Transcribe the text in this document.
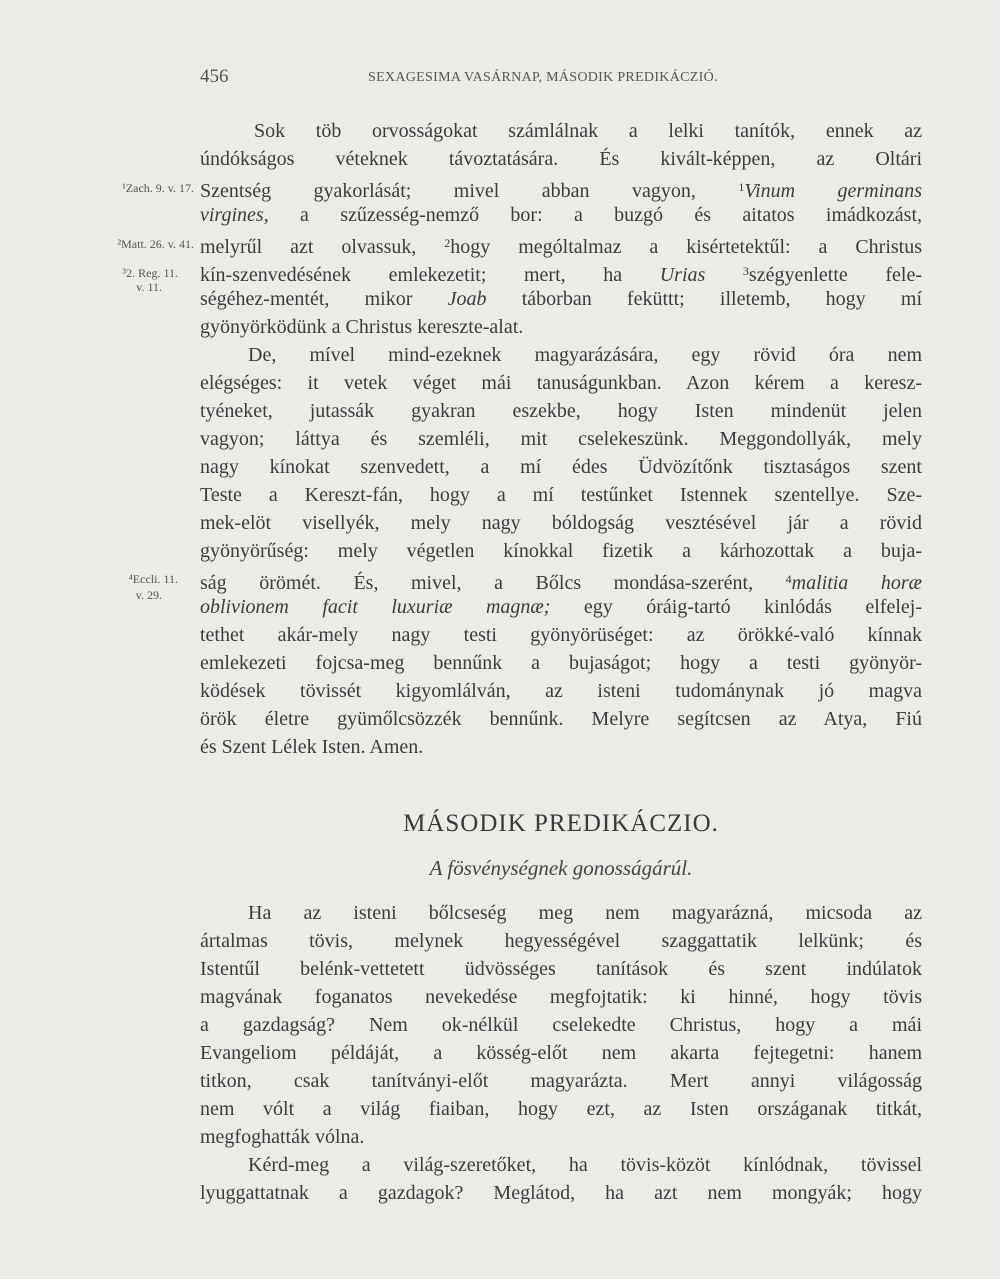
456	SEXAGESIMA VASÁRNAP, MÁSODIK PREDIKÁCZIÓ.
¹Zach. 9. v. 17.
²Matt. 26. v. 41.
³2. Reg. 11.
v. 11.
⁴Eccli. 11.
v. 29.
Sok töb orvosságokat számlálnak a lelki tanítók, ennek az
úndókságos véteknek távoztatására. És kivált-képpen, az Oltári
Szentség gyakorlását; mivel abban vagyon,	$^1$Vinum germinans
virgines, a szűzesség-nemző bor: a buzgó és aitatos imádkozást,
melyrűl azt olvassuk, $^2$hogy mególtalmaz a kisértetektűl: a Christus
kín-szenvedésének emlekezetit; mert, ha Urias	$^3$szégyenlette fele-
ségéhez-mentét, mikor Joab táborban feküttt; illetemb, hogy mí
gyönyörködünk a Christus kereszte-alat.
De, mível mind-ezeknek magyarázására, egy rövid óra nem
elégséges: it vetek véget mái tanuságunkban. Azon kérem a keresz-
tyéneket, jutassák gyakran eszekbe, hogy Isten mindenüt jelen
vagyon; láttya és szemléli, mit cselekeszünk. Meggondollyák, mely
nagy kínokat szenvedett, a mí édes Üdvözítőnk tisztaságos szent
Teste a Kereszt-fán, hogy a mí testűnket Istennek szentellye. Sze-
mek-elöt visellyék, mely nagy bóldogság vesztésével jár a rövid
gyönyörűség: mely végetlen kínokkal fizetik a kárhozottak a buja-
ság örömét. És, mivel, a Bőlcs mondása-szerént,	$^4$malitia horæ
oblivionem facit luxuriæ magnæ; egy óráig-tartó kinlódás elfelej-
tethet akár-mely nagy testi gyönyörüséget: az örökké-való kínnak
emlekezeti fojcsa-meg bennűnk a bujaságot; hogy a testi gyönyör-
ködések tövissét kigyomlálván, az isteni tudománynak jó magva
örök életre gyümőlcsözzék bennűnk. Melyre segítcsen az Atya, Fiú
és Szent Lélek Isten. Amen.
MÁSODIK PREDIKÁCZIO.
A fösvénységnek gonosságárúl.
Ha az isteni bőlcseség meg nem magyarázná, micsoda az
ártalmas tövis, melynek hegyességével szaggattatik lelkünk; és
Istentűl belénk-vettetett üdvösséges tanítások és szent indúlatok
magvának foganatos nevekedése megfojtatik: ki hinné, hogy tövis
a gazdagság? Nem ok-nélkül cselekedte Christus, hogy a mái
Evangeliom példáját, a kösség-előt nem akarta fejtegetni: hanem
titkon, csak tanítványi-előt magyarázta. Mert annyi világosság
nem vólt a világ fiaiban, hogy ezt, az Isten országanak titkát,
megfoghatták vólna.
Kérd-meg a világ-szeretőket, ha tövis-közöt kínlódnak, tövissel
lyuggattatnak a gazdagok? Meglátod, ha azt nem mongyák; hogy
